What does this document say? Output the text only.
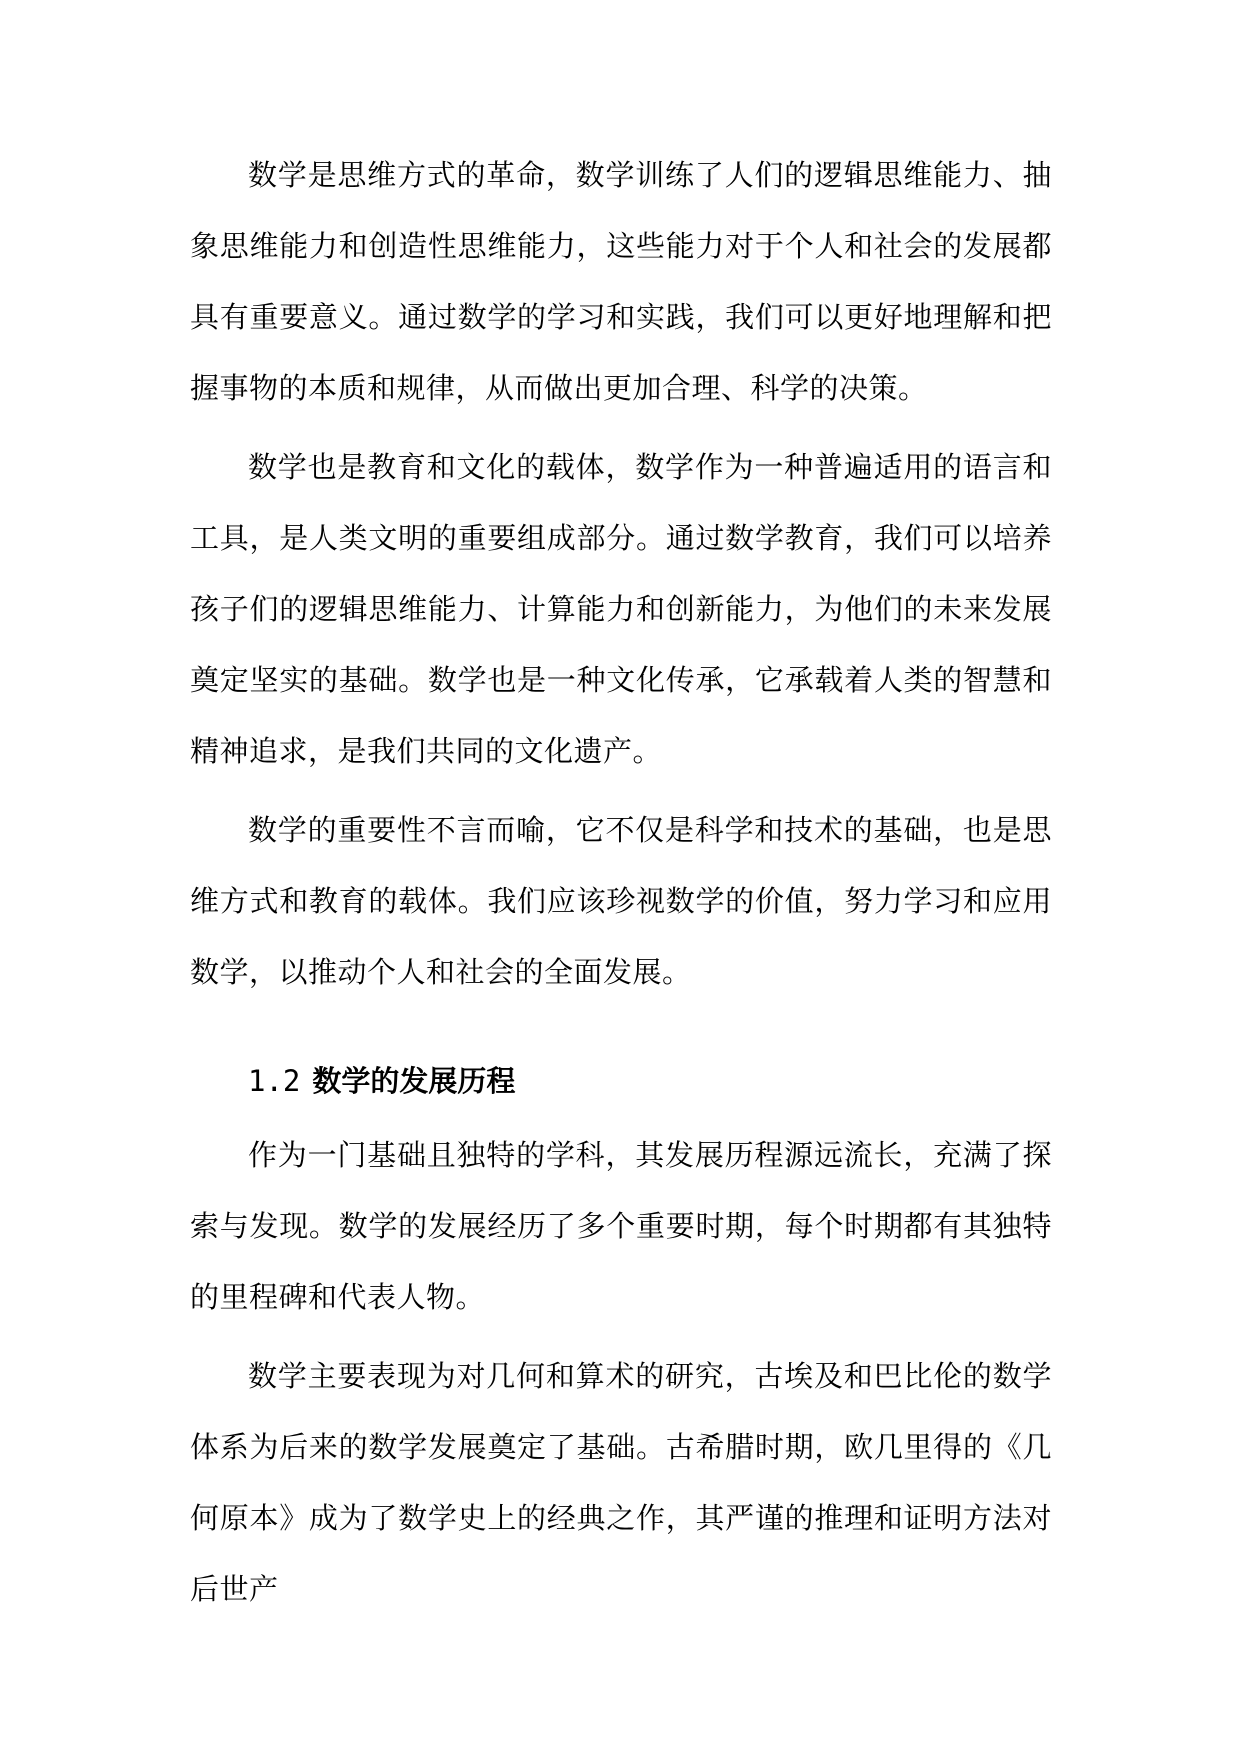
数学是思维方式的革命，数学训练了人们的逻辑思维能力、抽象思维能力和创造性思维能力，这些能力对于个人和社会的发展都具有重要意义。通过数学的学习和实践，我们可以更好地理解和把握事物的本质和规律，从而做出更加合理、科学的决策。

数学也是教育和文化的载体，数学作为一种普遍适用的语言和工具，是人类文明的重要组成部分。通过数学教育，我们可以培养孩子们的逻辑思维能力、计算能力和创新能力，为他们的未来发展奠定坚实的基础。数学也是一种文化传承，它承载着人类的智慧和精神追求，是我们共同的文化遗产。

数学的重要性不言而喻，它不仅是科学和技术的基础，也是思维方式和教育的载体。我们应该珍视数学的价值，努力学习和应用数学，以推动个人和社会的全面发展。

1.2 数学的发展历程

作为一门基础且独特的学科，其发展历程源远流长，充满了探索与发现。数学的发展经历了多个重要时期，每个时期都有其独特的里程碑和代表人物。

数学主要表现为对几何和算术的研究，古埃及和巴比伦的数学体系为后来的数学发展奠定了基础。古希腊时期，欧几里得的《几何原本》成为了数学史上的经典之作，其严谨的推理和证明方法对后世产
